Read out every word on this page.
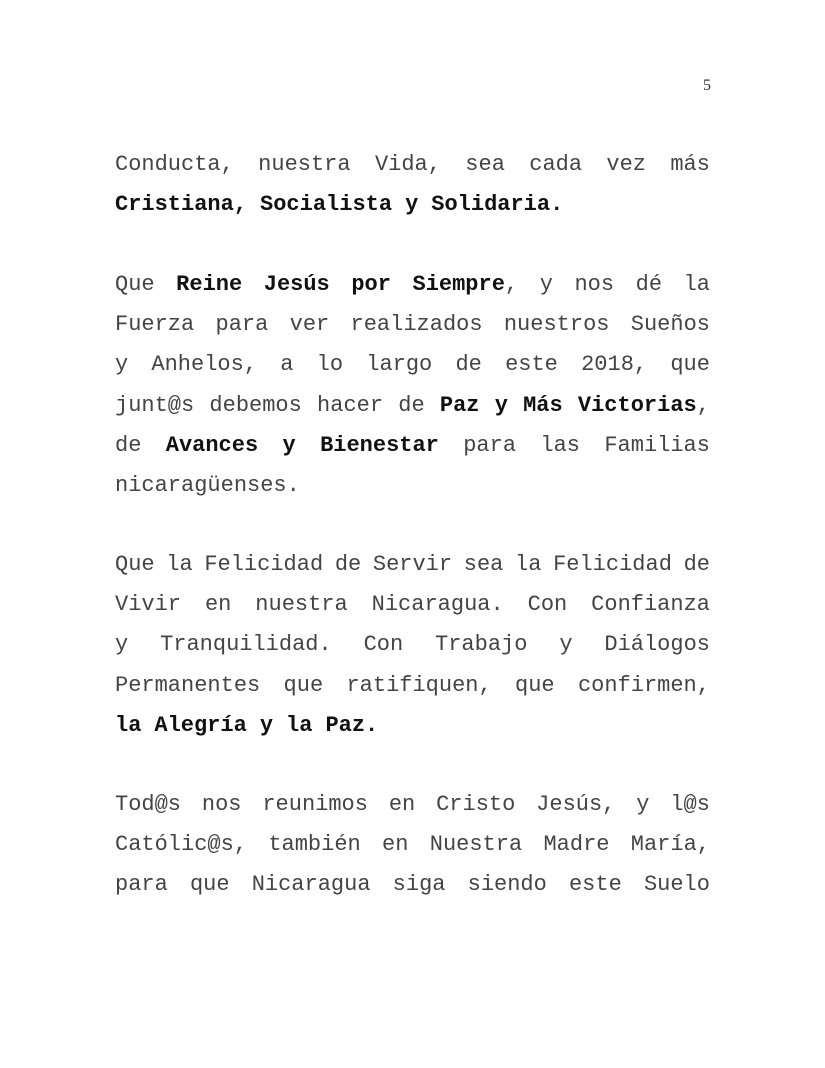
5
Conducta, nuestra Vida, sea cada vez más
Cristiana, Socialista y Solidaria.
Que Reine Jesús por Siempre, y nos dé la
Fuerza para ver realizados nuestros Sueños
y Anhelos, a lo largo de este 2018, que
junt@s debemos hacer de Paz y Más Victorias,
de Avances y Bienestar para las Familias
nicaragüenses.
Que la Felicidad de Servir sea la Felicidad de
Vivir en nuestra Nicaragua. Con Confianza
y Tranquilidad. Con Trabajo y Diálogos
Permanentes que ratifiquen, que confirmen,
la Alegría y la Paz.
Tod@s nos reunimos en Cristo Jesús, y l@s
Católic@s, también en Nuestra Madre María,
para que Nicaragua siga siendo este Suelo
